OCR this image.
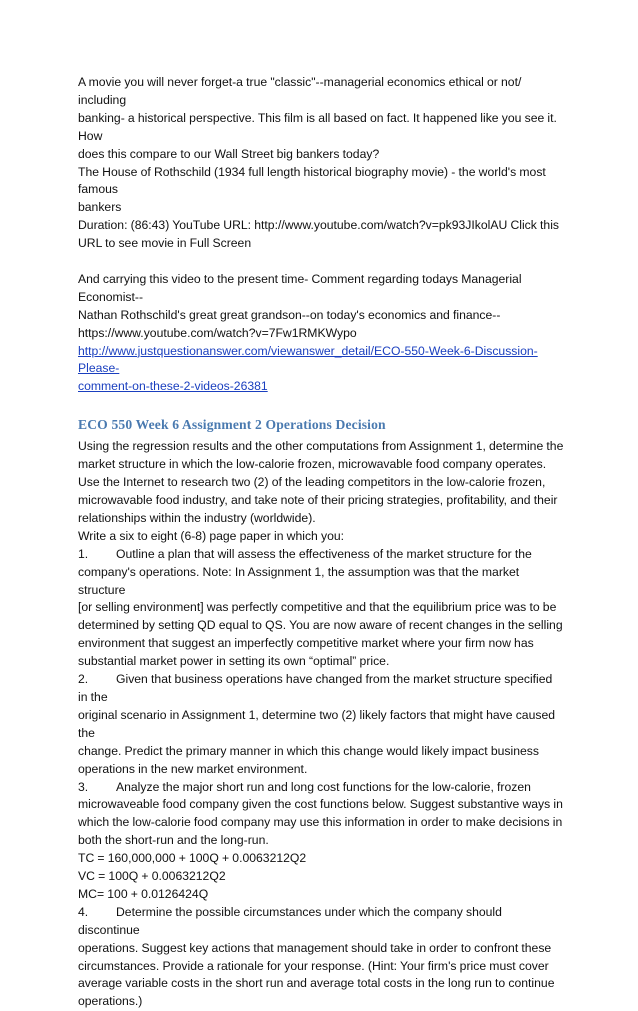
A movie you will never forget-a true "classic"--managerial economics ethical or not/ including

banking- a historical perspective. This film is all based on fact. It happened like you see it. How

does this compare to our Wall Street big bankers today?

The House of Rothschild (1934 full length historical biography movie) - the world's most famous

bankers

Duration: (86:43) YouTube URL: http://www.youtube.com/watch?v=pk93JIkolAU Click this

URL to see movie in Full Screen

And carrying this video to the present time- Comment regarding todays Managerial Economist--

Nathan Rothschild's great great grandson--on today's economics and finance--

https://www.youtube.com/watch?v=7Fw1RMKWypo

http://www.justquestionanswer.com/viewanswer_detail/ECO-550-Week-6-Discussion-Please-

comment-on-these-2-videos-26381

ECO 550 Week 6 Assignment 2 Operations Decision

Using the regression results and the other computations from Assignment 1, determine the

market structure in which the low-calorie frozen, microwavable food company operates.

Use the Internet to research two (2) of the leading competitors in the low-calorie frozen,

microwavable food industry, and take note of their pricing strategies, profitability, and their

relationships within the industry (worldwide).

Write a six to eight (6-8) page paper in which you:

1. Outline a plan that will assess the effectiveness of the market structure for the

company's operations. Note: In Assignment 1, the assumption was that the market structure

[or selling environment] was perfectly competitive and that the equilibrium price was to be

determined by setting QD equal to QS. You are now aware of recent changes in the selling

environment that suggest an imperfectly competitive market where your firm now has

substantial market power in setting its own “optimal” price.

2. Given that business operations have changed from the market structure specified in the

original scenario in Assignment 1, determine two (2) likely factors that might have caused the

change. Predict the primary manner in which this change would likely impact business

operations in the new market environment.

3. Analyze the major short run and long cost functions for the low-calorie, frozen

microwaveable food company given the cost functions below. Suggest substantive ways in

which the low-calorie food company may use this information in order to make decisions in

both the short-run and the long-run.

TC = 160,000,000 + 100Q + 0.0063212Q2

VC = 100Q + 0.0063212Q2

MC= 100 + 0.0126424Q

4. Determine the possible circumstances under which the company should discontinue

operations. Suggest key actions that management should take in order to confront these

circumstances. Provide a rationale for your response. (Hint: Your firm's price must cover

average variable costs in the short run and average total costs in the long run to continue

operations.)
